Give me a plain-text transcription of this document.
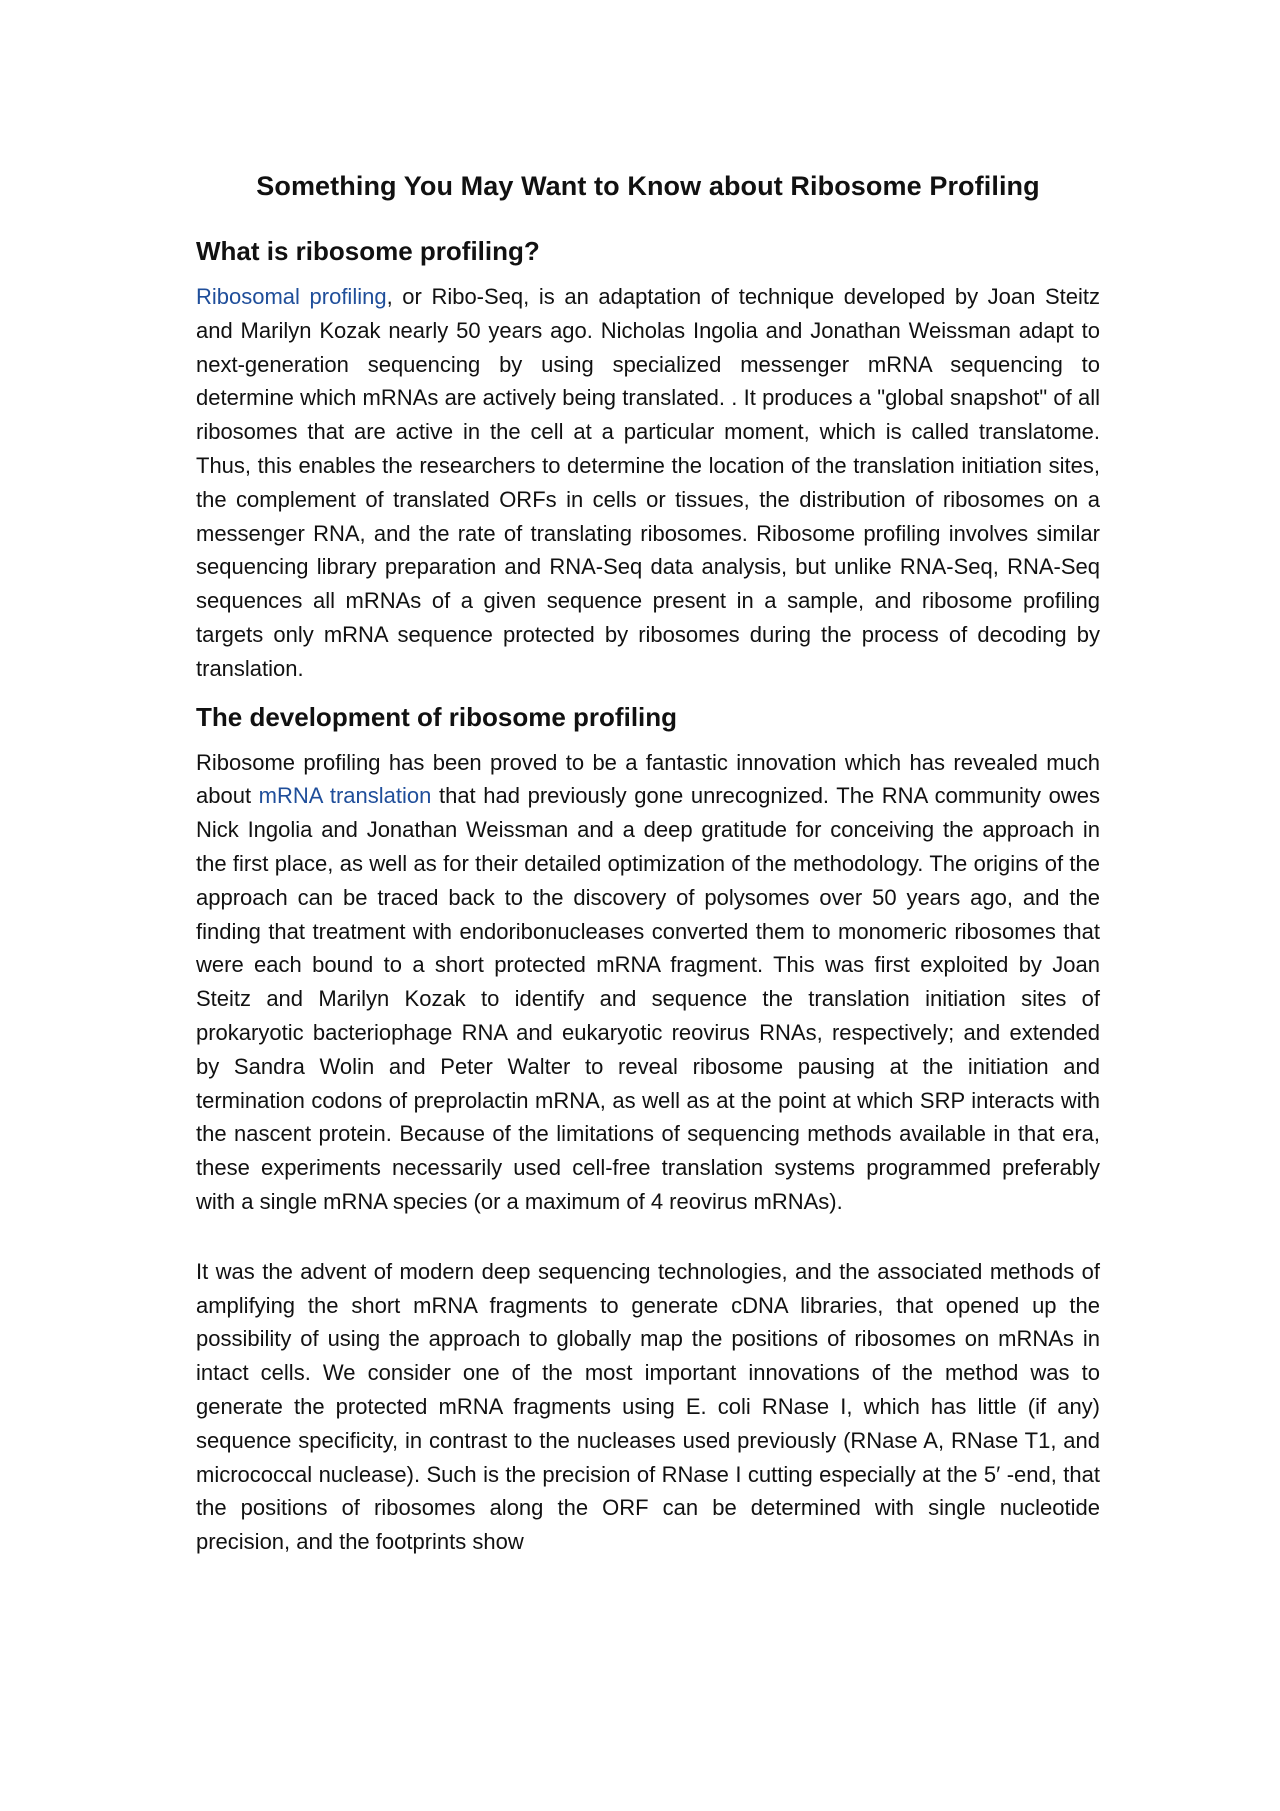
Something You May Want to Know about Ribosome Profiling
What is ribosome profiling?

Ribosomal profiling, or Ribo-Seq, is an adaptation of technique developed by Joan Steitz and Marilyn Kozak nearly 50 years ago. Nicholas Ingolia and Jonathan Weissman adapt to next-generation sequencing by using specialized messenger mRNA sequencing to determine which mRNAs are actively being translated. . It produces a "global snapshot" of all ribosomes that are active in the cell at a particular moment, which is called translatome. Thus, this enables the researchers to determine the location of the translation initiation sites, the complement of translated ORFs in cells or tissues, the distribution of ribosomes on a messenger RNA, and the rate of translating ribosomes. Ribosome profiling involves similar sequencing library preparation and RNA-Seq data analysis, but unlike RNA-Seq, RNA-Seq sequences all mRNAs of a given sequence present in a sample, and ribosome profiling targets only mRNA sequence protected by ribosomes during the process of decoding by translation.

The development of ribosome profiling

Ribosome profiling has been proved to be a fantastic innovation which has revealed much about mRNA translation that had previously gone unrecognized. The RNA community owes Nick Ingolia and Jonathan Weissman and a deep gratitude for conceiving the approach in the first place, as well as for their detailed optimization of the methodology. The origins of the approach can be traced back to the discovery of polysomes over 50 years ago, and the finding that treatment with endoribonucleases converted them to monomeric ribosomes that were each bound to a short protected mRNA fragment. This was first exploited by Joan Steitz and Marilyn Kozak to identify and sequence the translation initiation sites of prokaryotic bacteriophage RNA and eukaryotic reovirus RNAs, respectively; and extended by Sandra Wolin and Peter Walter to reveal ribosome pausing at the initiation and termination codons of preprolactin mRNA, as well as at the point at which SRP interacts with the nascent protein. Because of the limitations of sequencing methods available in that era, these experiments necessarily used cell-free translation systems programmed preferably with a single mRNA species (or a maximum of 4 reovirus mRNAs).

It was the advent of modern deep sequencing technologies, and the associated methods of amplifying the short mRNA fragments to generate cDNA libraries, that opened up the possibility of using the approach to globally map the positions of ribosomes on mRNAs in intact cells. We consider one of the most important innovations of the method was to generate the protected mRNA fragments using E. coli RNase I, which has little (if any) sequence specificity, in contrast to the nucleases used previously (RNase A, RNase T1, and micrococcal nuclease). Such is the precision of RNase I cutting especially at the 5′ -end, that the positions of ribosomes along the ORF can be determined with single nucleotide precision, and the footprints show
